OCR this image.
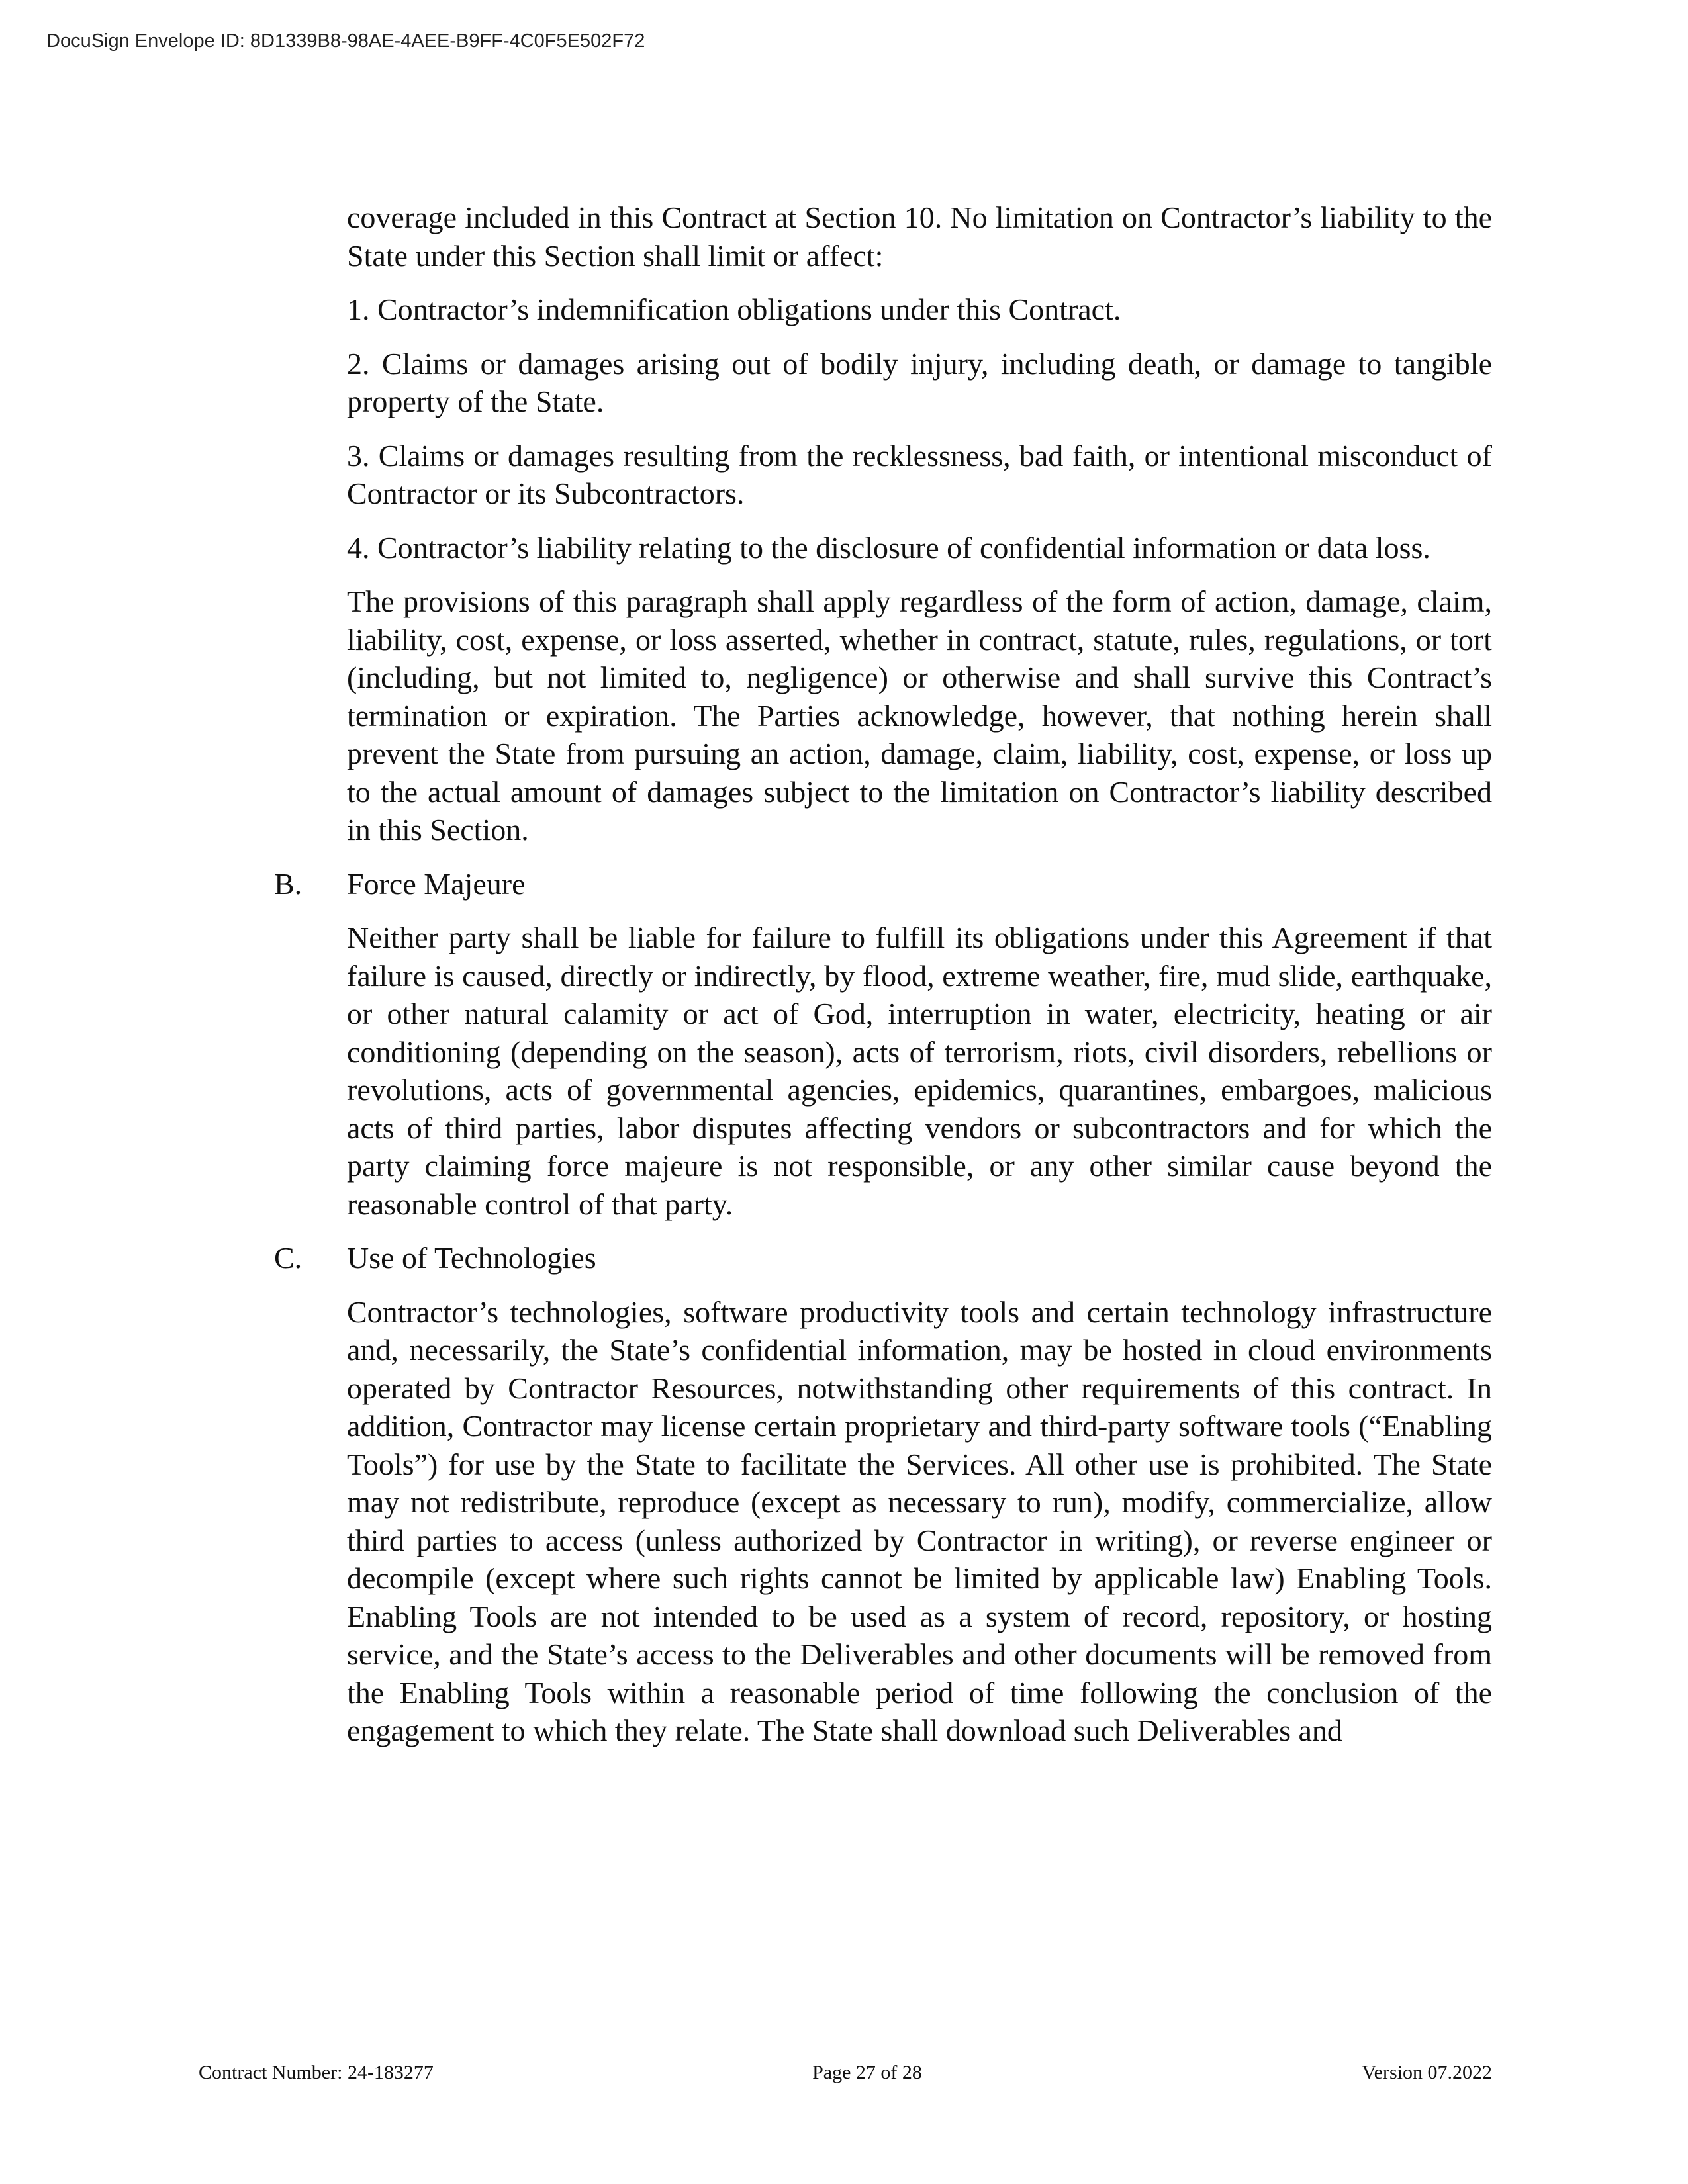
DocuSign Envelope ID: 8D1339B8-98AE-4AEE-B9FF-4C0F5E502F72

coverage included in this Contract at Section 10. No limitation on Contractor’s liability to the State under this Section shall limit or affect:

1. Contractor’s indemnification obligations under this Contract.

2. Claims or damages arising out of bodily injury, including death, or damage to tangible property of the State.

3. Claims or damages resulting from the recklessness, bad faith, or intentional misconduct of Contractor or its Subcontractors.

4. Contractor’s liability relating to the disclosure of confidential information or data loss.

The provisions of this paragraph shall apply regardless of the form of action, damage, claim, liability, cost, expense, or loss asserted, whether in contract, statute, rules, regulations, or tort (including, but not limited to, negligence) or otherwise and shall survive this Contract’s termination or expiration. The Parties acknowledge, however, that nothing herein shall prevent the State from pursuing an action, damage, claim, liability, cost, expense, or loss up to the actual amount of damages subject to the limitation on Contractor’s liability described in this Section.

B.	Force Majeure

Neither party shall be liable for failure to fulfill its obligations under this Agreement if that failure is caused, directly or indirectly, by flood, extreme weather, fire, mud slide, earthquake, or other natural calamity or act of God, interruption in water, electricity, heating or air conditioning (depending on the season), acts of terrorism, riots, civil disorders, rebellions or revolutions, acts of governmental agencies, epidemics, quarantines, embargoes, malicious acts of third parties, labor disputes affecting vendors or subcontractors and for which the party claiming force majeure is not responsible, or any other similar cause beyond the reasonable control of that party.

C.	Use of Technologies

Contractor’s technologies, software productivity tools and certain technology infrastructure and, necessarily, the State’s confidential information, may be hosted in cloud environments operated by Contractor Resources, notwithstanding other requirements of this contract. In addition, Contractor may license certain proprietary and third-party software tools (“Enabling Tools”) for use by the State to facilitate the Services. All other use is prohibited. The State may not redistribute, reproduce (except as necessary to run), modify, commercialize, allow third parties to access (unless authorized by Contractor in writing), or reverse engineer or decompile (except where such rights cannot be limited by applicable law) Enabling Tools. Enabling Tools are not intended to be used as a system of record, repository, or hosting service, and the State’s access to the Deliverables and other documents will be removed from the Enabling Tools within a reasonable period of time following the conclusion of the engagement to which they relate. The State shall download such Deliverables and

Contract Number: 24-183277	Page 27 of 28	Version 07.2022
